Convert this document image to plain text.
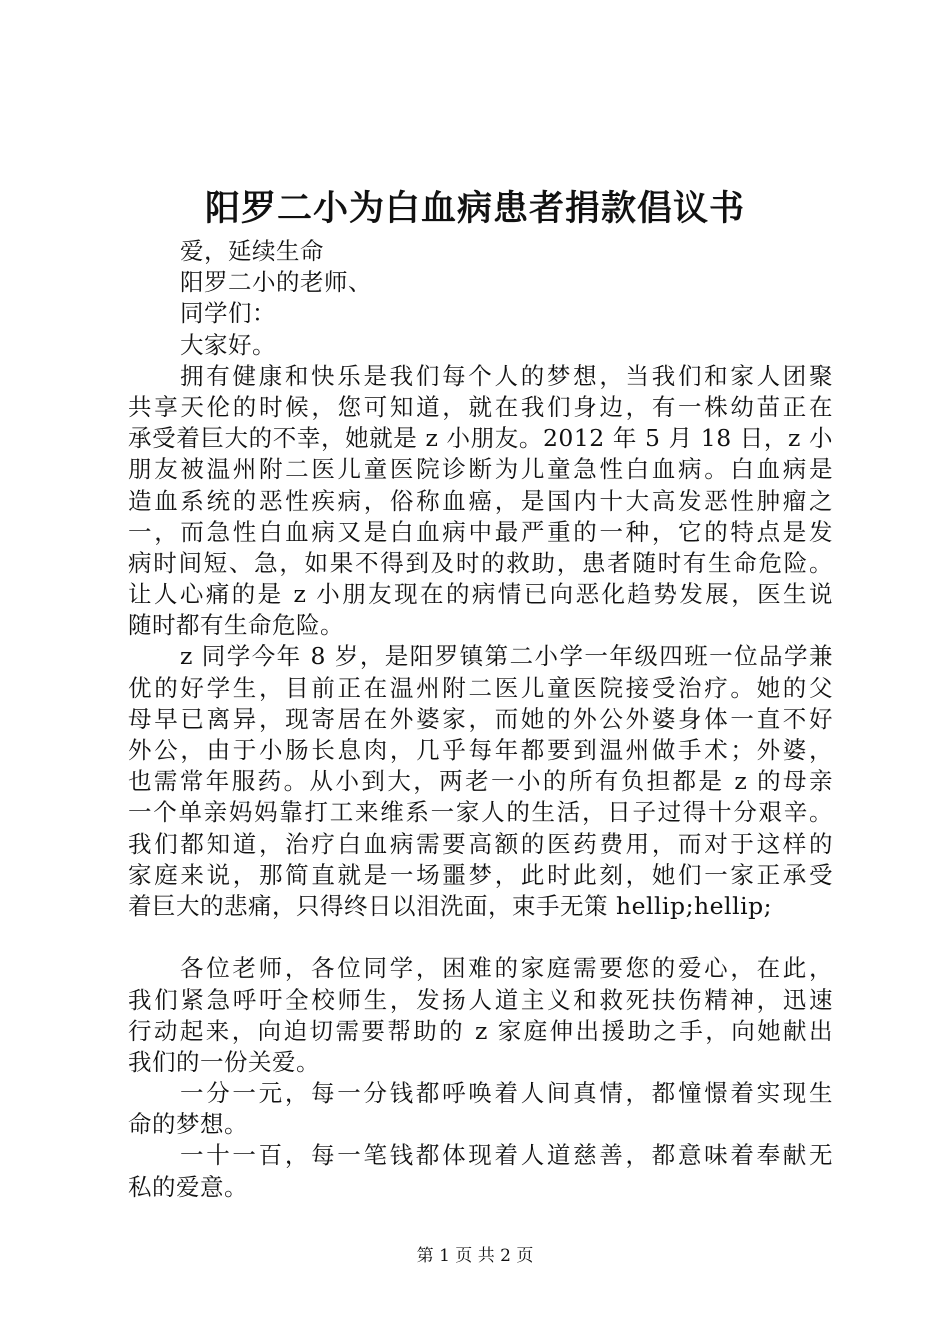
阳罗二小为白血病患者捐款倡议书
爱，延续生命
阳罗二小的老师、
同学们：
大家好。
拥有健康和快乐是我们每个人的梦想，当我们和家人团聚
共享天伦的时候，您可知道，就在我们身边，有一株幼苗正在
承受着巨大的不幸，她就是 z 小朋友。2012 年 5 月 18 日，z 小
朋友被温州附二医儿童医院诊断为儿童急性白血病。白血病是
造血系统的恶性疾病，俗称血癌，是国内十大高发恶性肿瘤之
一，而急性白血病又是白血病中最严重的一种，它的特点是发
病时间短、急，如果不得到及时的救助，患者随时有生命危险。
让人心痛的是 z 小朋友现在的病情已向恶化趋势发展，医生说
随时都有生命危险。
z 同学今年 8 岁，是阳罗镇第二小学一年级四班一位品学兼
优的好学生，目前正在温州附二医儿童医院接受治疗。她的父
母早已离异，现寄居在外婆家，而她的外公外婆身体一直不好
外公，由于小肠长息肉，几乎每年都要到温州做手术；外婆，
也需常年服药。从小到大，两老一小的所有负担都是 z 的母亲
一个单亲妈妈靠打工来维系一家人的生活，日子过得十分艰辛。
我们都知道，治疗白血病需要高额的医药费用，而对于这样的
家庭来说，那简直就是一场噩梦，此时此刻，她们一家正承受
着巨大的悲痛，只得终日以泪洗面，束手无策 hellip;hellip;
各位老师，各位同学，困难的家庭需要您的爱心，在此，
我们紧急呼吁全校师生，发扬人道主义和救死扶伤精神，迅速
行动起来，向迫切需要帮助的 z 家庭伸出援助之手，向她献出
我们的一份关爱。
一分一元，每一分钱都呼唤着人间真情，都憧憬着实现生
命的梦想。
一十一百，每一笔钱都体现着人道慈善，都意味着奉献无
私的爱意。
第 1 页 共 2 页
